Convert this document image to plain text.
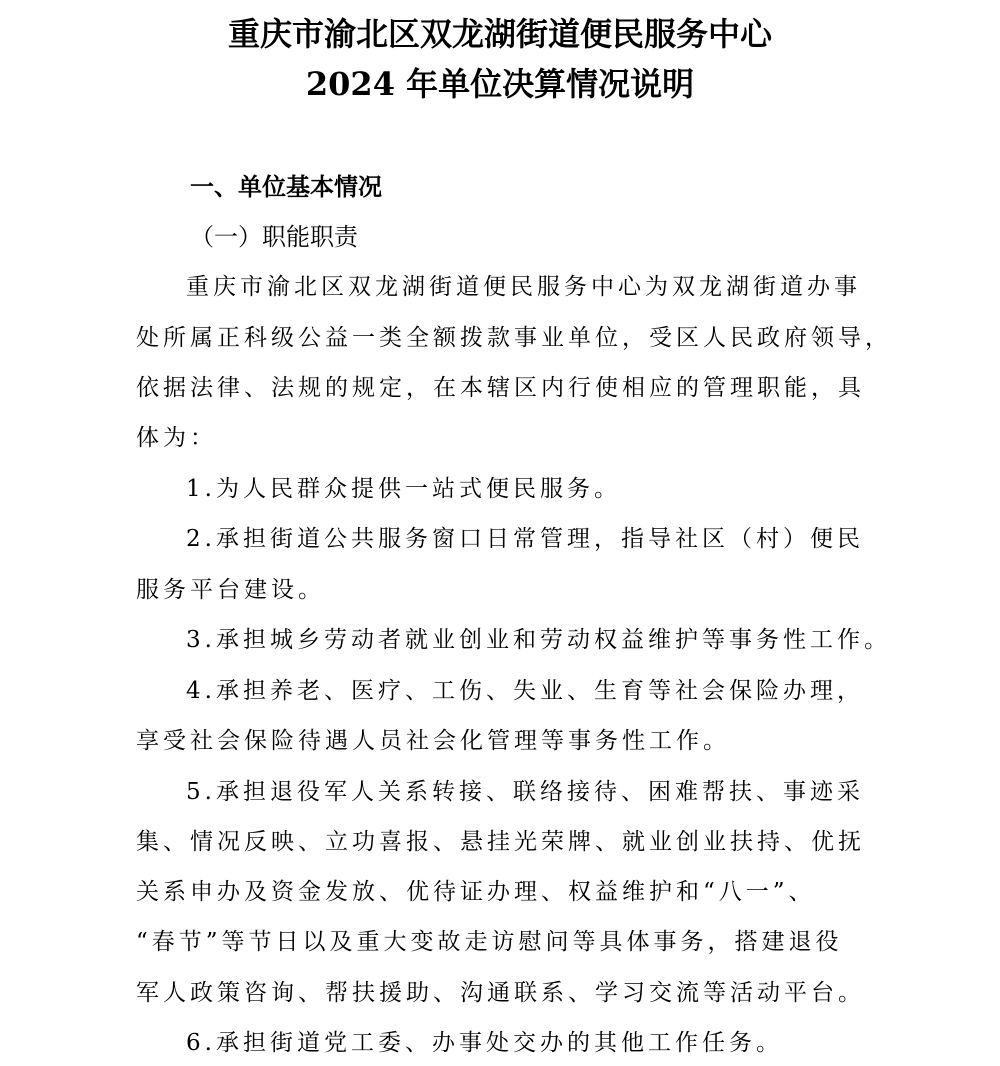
重庆市渝北区双龙湖街道便民服务中心
2024 年单位决算情况说明
一、单位基本情况
（一）职能职责
重庆市渝北区双龙湖街道便民服务中心为双龙湖街道办事
处所属正科级公益一类全额拨款事业单位，受区人民政府领导，
依据法律、法规的规定，在本辖区内行使相应的管理职能，具
体为：
1.为人民群众提供一站式便民服务。
2.承担街道公共服务窗口日常管理，指导社区（村）便民
服务平台建设。
3.承担城乡劳动者就业创业和劳动权益维护等事务性工作。
4.承担养老、医疗、工伤、失业、生育等社会保险办理，
享受社会保险待遇人员社会化管理等事务性工作。
5.承担退役军人关系转接、联络接待、困难帮扶、事迹采
集、情况反映、立功喜报、悬挂光荣牌、就业创业扶持、优抚
关系申办及资金发放、优待证办理、权益维护和“八一”、
“春节”等节日以及重大变故走访慰问等具体事务，搭建退役
军人政策咨询、帮扶援助、沟通联系、学习交流等活动平台。
6.承担街道党工委、办事处交办的其他工作任务。
